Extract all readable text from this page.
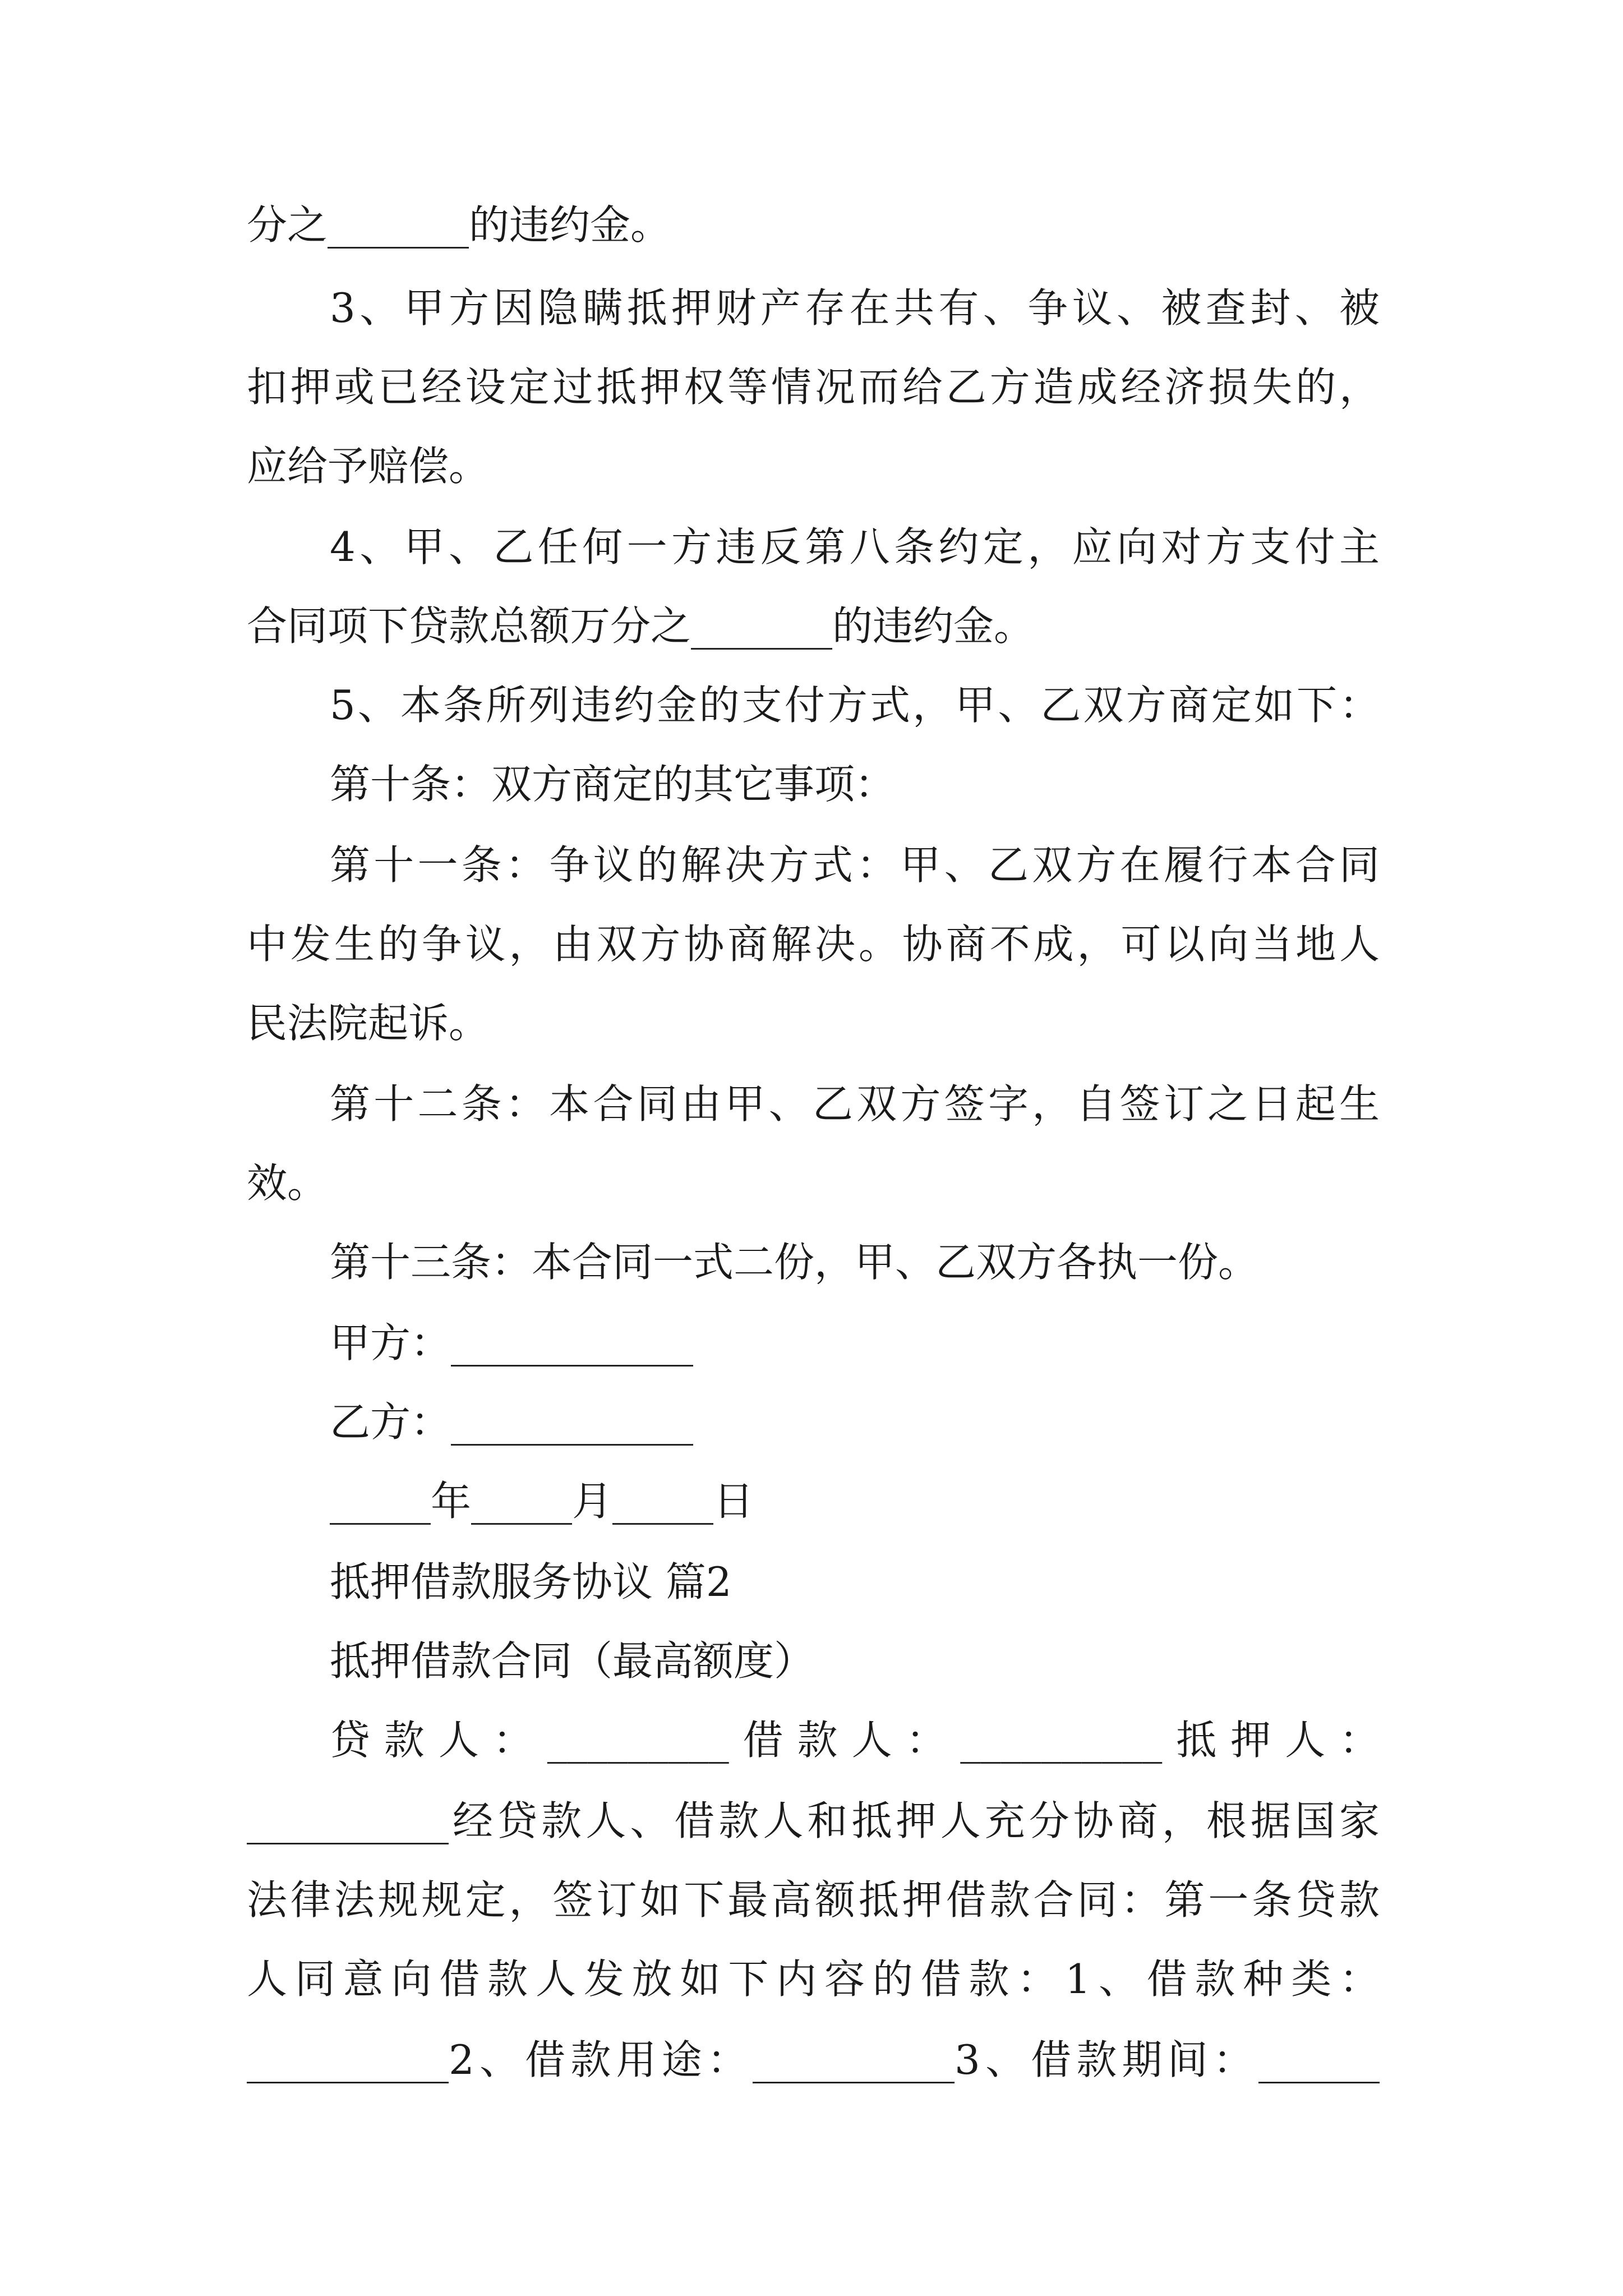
分之_______的违约金。
3、甲方因隐瞒抵押财产存在共有、争议、被查封、被
扣押或已经设定过抵押权等情况而给乙方造成经济损失的，
应给予赔偿。
4、甲、乙任何一方违反第八条约定，应向对方支付主
合同项下贷款总额万分之_______的违约金。
5、本条所列违约金的支付方式，甲、乙双方商定如下：
第十条：双方商定的其它事项：
第十一条：争议的解决方式：甲、乙双方在履行本合同
中发生的争议，由双方协商解决。协商不成，可以向当地人
民法院起诉。
第十二条：本合同由甲、乙双方签字，自签订之日起生
效。
第十三条：本合同一式二份，甲、乙双方各执一份。
甲方：____________
乙方：____________
_____年_____月_____日
抵押借款服务协议 篇2
抵押借款合同（最高额度）
贷款人：_________借款人：__________抵押人：
__________经贷款人、借款人和抵押人充分协商，根据国家
法律法规规定，签订如下最高额抵押借款合同：第一条贷款
人同意向借款人发放如下内容的借款：1、借款种类：
__________2、借款用途：__________3、借款期间：______
